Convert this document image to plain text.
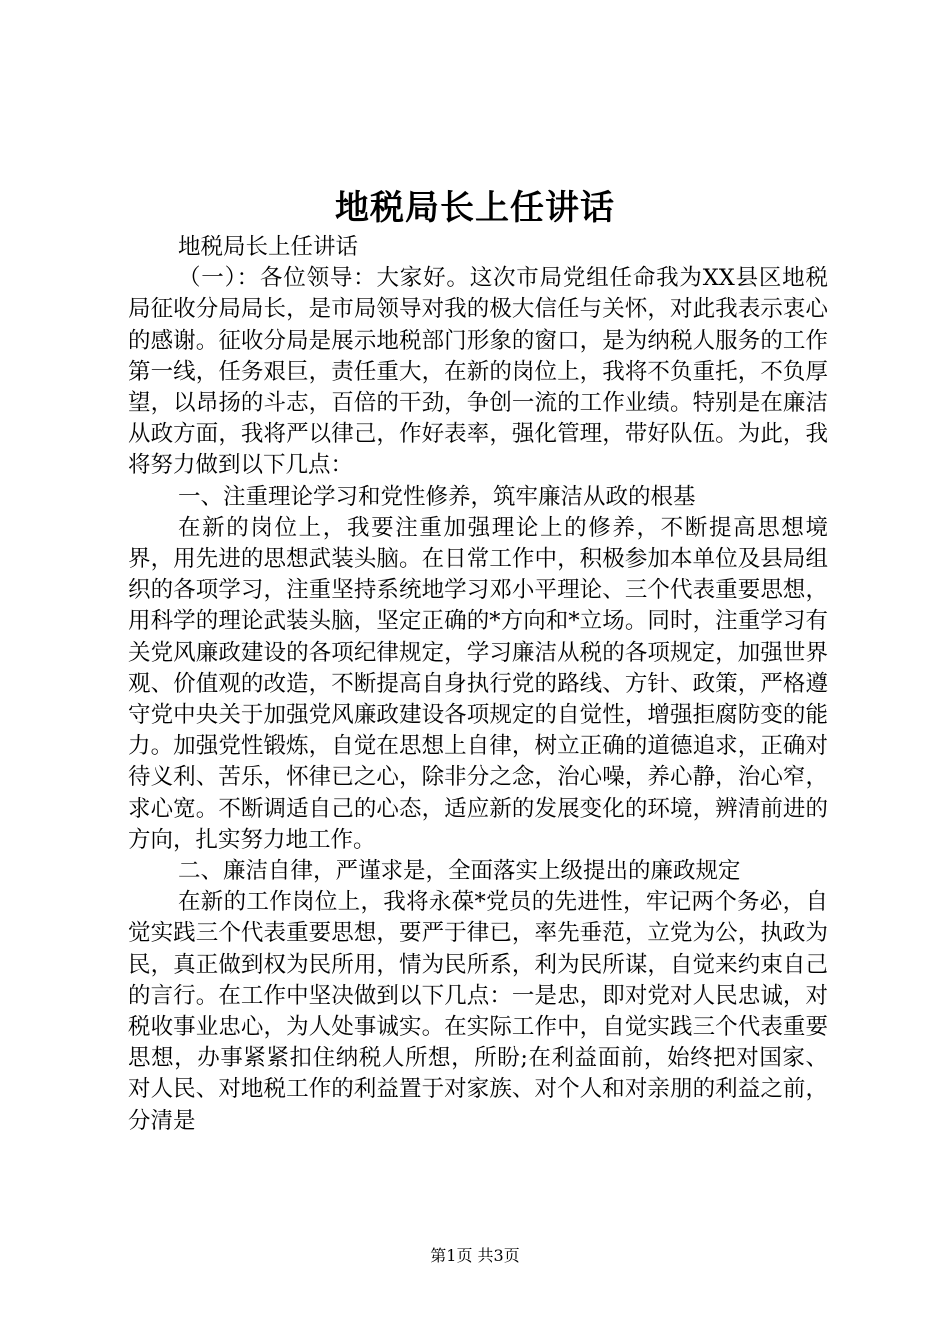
地税局长上任讲话

地税局长上任讲话

（一）：各位领导：大家好。这次市局党组任命我为XX县区地税局征收分局局长，是市局领导对我的极大信任与关怀，对此我表示衷心的感谢。征收分局是展示地税部门形象的窗口，是为纳税人服务的工作第一线，任务艰巨，责任重大，在新的岗位上，我将不负重托，不负厚望，以昂扬的斗志，百倍的干劲，争创一流的工作业绩。特别是在廉洁从政方面，我将严以律己，作好表率，强化管理，带好队伍。为此，我将努力做到以下几点：

一、注重理论学习和党性修养，筑牢廉洁从政的根基

在新的岗位上，我要注重加强理论上的修养，不断提高思想境界，用先进的思想武装头脑。在日常工作中，积极参加本单位及县局组织的各项学习，注重坚持系统地学习邓小平理论、三个代表重要思想，用科学的理论武装头脑，坚定正确的*方向和*立场。同时，注重学习有关党风廉政建设的各项纪律规定，学习廉洁从税的各项规定，加强世界观、价值观的改造，不断提高自身执行党的路线、方针、政策，严格遵守党中央关于加强党风廉政建设各项规定的自觉性，增强拒腐防变的能力。加强党性锻炼，自觉在思想上自律，树立正确的道德追求，正确对待义利、苦乐，怀律已之心，除非分之念，治心噪，养心静，治心窄，求心宽。不断调适自己的心态，适应新的发展变化的环境，辨清前进的方向，扎实努力地工作。

二、廉洁自律，严谨求是，全面落实上级提出的廉政规定

在新的工作岗位上，我将永葆*党员的先进性，牢记两个务必，自觉实践三个代表重要思想，要严于律已，率先垂范，立党为公，执政为民，真正做到权为民所用，情为民所系，利为民所谋，自觉来约束自己的言行。在工作中坚决做到以下几点：一是忠，即对党对人民忠诚，对税收事业忠心，为人处事诚实。在实际工作中，自觉实践三个代表重要思想，办事紧紧扣住纳税人所想，所盼;在利益面前，始终把对国家、对人民、对地税工作的利益置于对家族、对个人和对亲朋的利益之前，分清是

第1页 共3页
